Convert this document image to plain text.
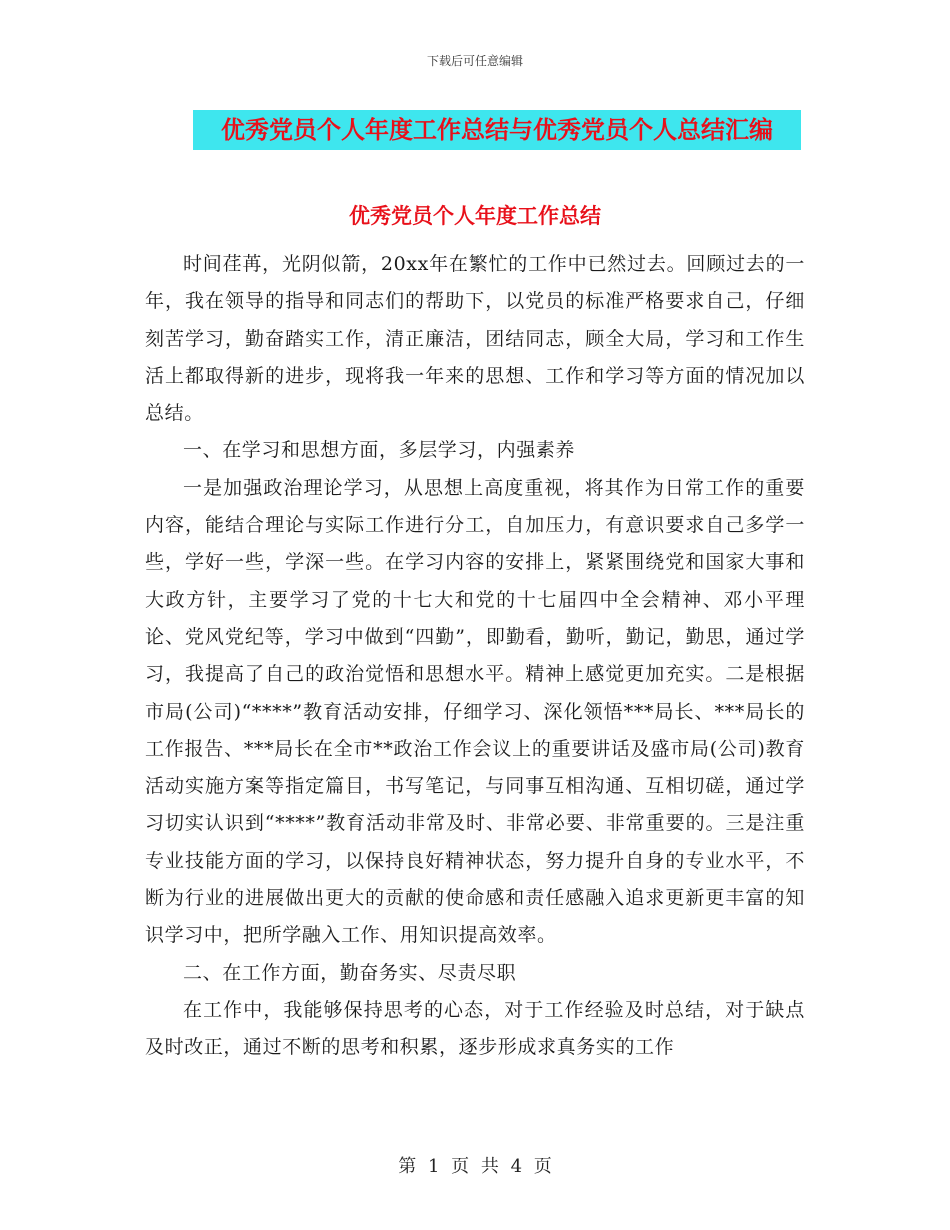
下载后可任意编辑
优秀党员个人年度工作总结与优秀党员个人总结汇编
优秀党员个人年度工作总结

时间荏苒，光阴似箭，20xx年在繁忙的工作中已然过去。回顾过去的一年，我在领导的指导和同志们的帮助下，以党员的标准严格要求自己，仔细刻苦学习，勤奋踏实工作，清正廉洁，团结同志，顾全大局，学习和工作生活上都取得新的进步，现将我一年来的思想、工作和学习等方面的情况加以总结。

一、在学习和思想方面，多层学习，内强素养

一是加强政治理论学习，从思想上高度重视，将其作为日常工作的重要内容，能结合理论与实际工作进行分工，自加压力，有意识要求自己多学一些，学好一些，学深一些。在学习内容的安排上，紧紧围绕党和国家大事和大政方针，主要学习了党的十七大和党的十七届四中全会精神、邓小平理论、党风党纪等，学习中做到“四勤”，即勤看，勤听，勤记，勤思，通过学习，我提高了自己的政治觉悟和思想水平。精神上感觉更加充实。二是根据市局(公司)“****”教育活动安排，仔细学习、深化领悟***局长、***局长的工作报告、***局长在全市**政治工作会议上的重要讲话及盛市局(公司)教育活动实施方案等指定篇目，书写笔记，与同事互相沟通、互相切磋，通过学习切实认识到“****”教育活动非常及时、非常必要、非常重要的。三是注重专业技能方面的学习，以保持良好精神状态，努力提升自身的专业水平，不断为行业的进展做出更大的贡献的使命感和责任感融入追求更新更丰富的知识学习中，把所学融入工作、用知识提高效率。

二、在工作方面，勤奋务实、尽责尽职

在工作中，我能够保持思考的心态，对于工作经验及时总结，对于缺点及时改正，通过不断的思考和积累，逐步形成求真务实的工作

第 1 页 共 4 页
